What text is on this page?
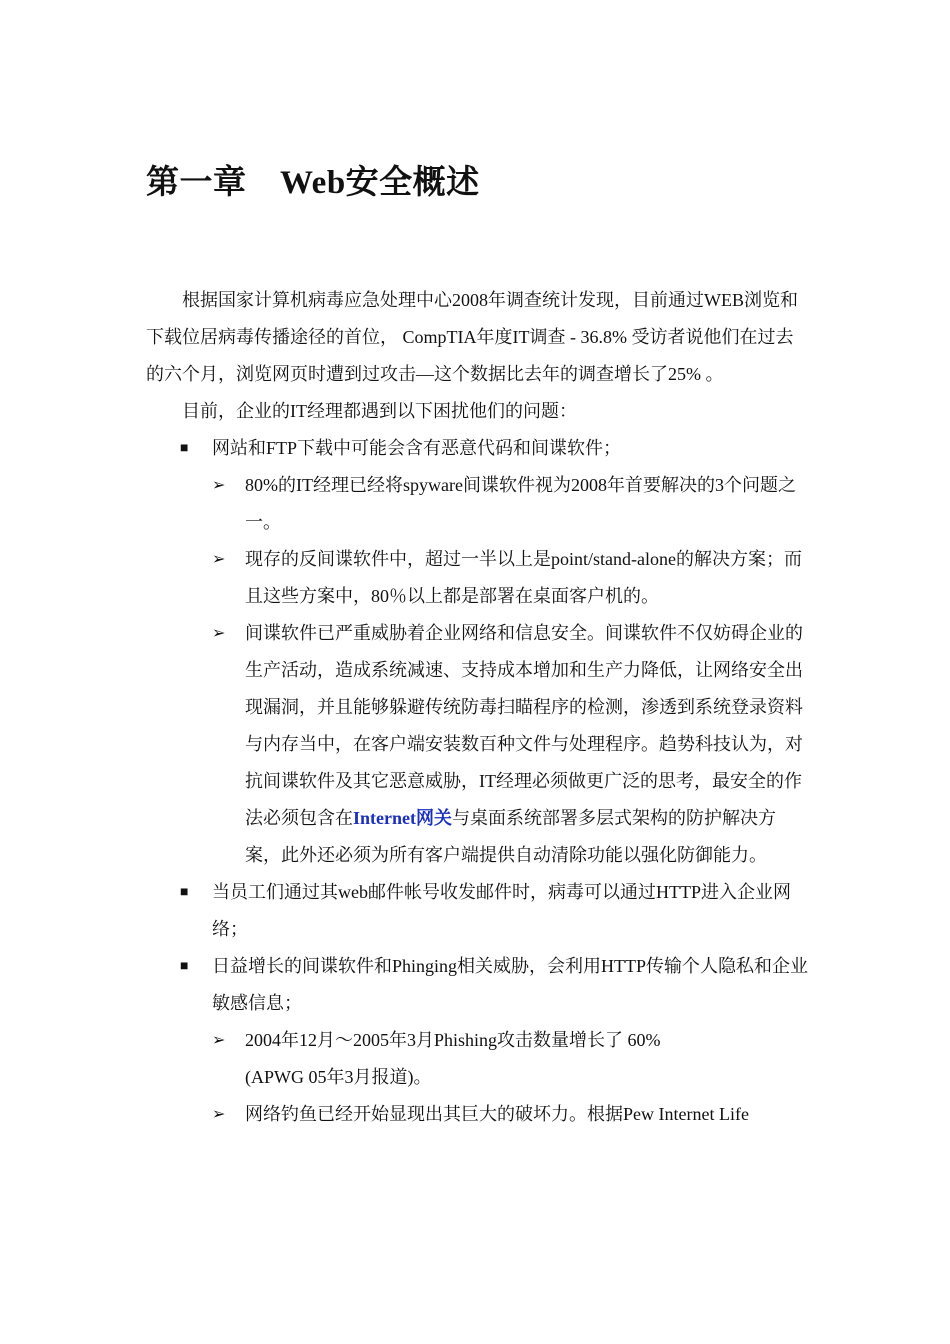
第一章　Web安全概述

根据国家计算机病毒应急处理中心2008年调查统计发现，目前通过WEB浏览和下载位居病毒传播途径的首位， CompTIA年度IT调查 - 36.8% 受访者说他们在过去的六个月，浏览网页时遭到过攻击—这个数据比去年的调查增长了25% 。

目前，企业的IT经理都遇到以下困扰他们的问题：

■ 网站和FTP下载中可能会含有恶意代码和间谍软件；
➢ 80%的IT经理已经将spyware间谍软件视为2008年首要解决的3个问题之一。
➢ 现存的反间谍软件中，超过一半以上是point/stand-alone的解决方案；而且这些方案中，80％以上都是部署在桌面客户机的。
➢ 间谍软件已严重威胁着企业网络和信息安全。间谍软件不仅妨碍企业的生产活动，造成系统减速、支持成本增加和生产力降低，让网络安全出现漏洞，并且能够躲避传统防毒扫瞄程序的检测，渗透到系统登录资料与内存当中，在客户端安装数百种文件与处理程序。趋势科技认为，对抗间谍软件及其它恶意威胁，IT经理必须做更广泛的思考，最安全的作法必须包含在Internet网关与桌面系统部署多层式架构的防护解决方案，此外还必须为所有客户端提供自动清除功能以强化防御能力。
■ 当员工们通过其web邮件帐号收发邮件时，病毒可以通过HTTP进入企业网络；
■ 日益增长的间谍软件和Phinging相关威胁，会利用HTTP传输个人隐私和企业敏感信息；
➢ 2004年12月～2005年3月Phishing攻击数量增长了 60%
(APWG 05年3月报道)。
➢ 网络钓鱼已经开始显现出其巨大的破坏力。根据Pew Internet Life
